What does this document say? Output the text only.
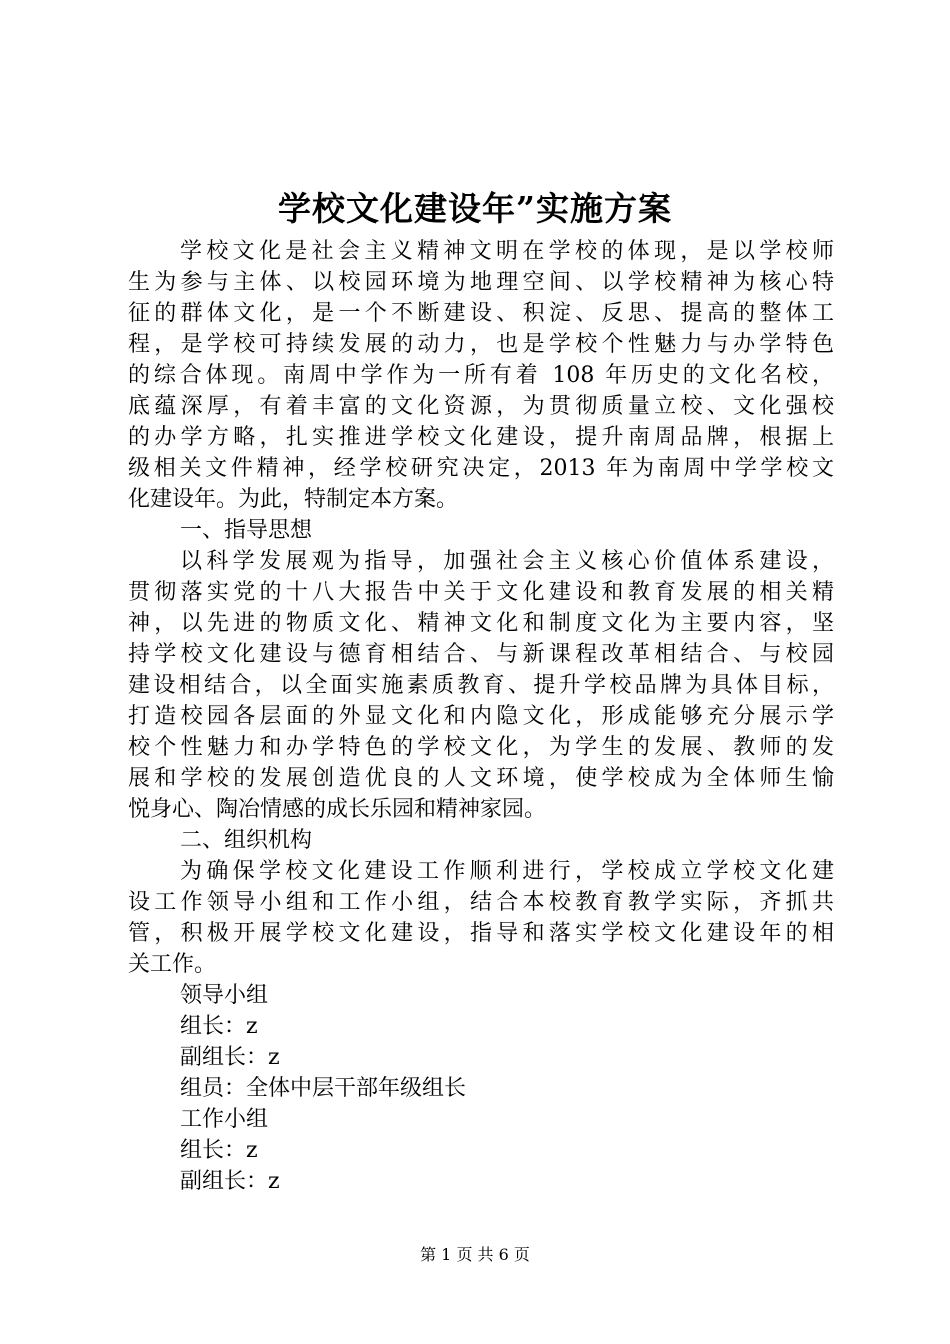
学校文化建设年”实施方案
学校文化是社会主义精神文明在学校的体现，是以学校师
生为参与主体、以校园环境为地理空间、以学校精神为核心特
征的群体文化，是一个不断建设、积淀、反思、提高的整体工
程，是学校可持续发展的动力，也是学校个性魅力与办学特色
的综合体现。南周中学作为一所有着 108 年历史的文化名校，
底蕴深厚，有着丰富的文化资源，为贯彻质量立校、文化强校
的办学方略，扎实推进学校文化建设，提升南周品牌，根据上
级相关文件精神，经学校研究决定，2013 年为南周中学学校文
化建设年。为此，特制定本方案。
一、指导思想
以科学发展观为指导，加强社会主义核心价值体系建设，
贯彻落实党的十八大报告中关于文化建设和教育发展的相关精
神，以先进的物质文化、精神文化和制度文化为主要内容，坚
持学校文化建设与德育相结合、与新课程改革相结合、与校园
建设相结合，以全面实施素质教育、提升学校品牌为具体目标，
打造校园各层面的外显文化和内隐文化，形成能够充分展示学
校个性魅力和办学特色的学校文化，为学生的发展、教师的发
展和学校的发展创造优良的人文环境，使学校成为全体师生愉
悦身心、陶冶情感的成长乐园和精神家园。
二、组织机构
为确保学校文化建设工作顺利进行，学校成立学校文化建
设工作领导小组和工作小组，结合本校教育教学实际，齐抓共
管，积极开展学校文化建设，指导和落实学校文化建设年的相
关工作。
领导小组
组长：z
副组长：z
组员：全体中层干部年级组长
工作小组
组长：z
副组长：z
第 1 页 共 6 页
